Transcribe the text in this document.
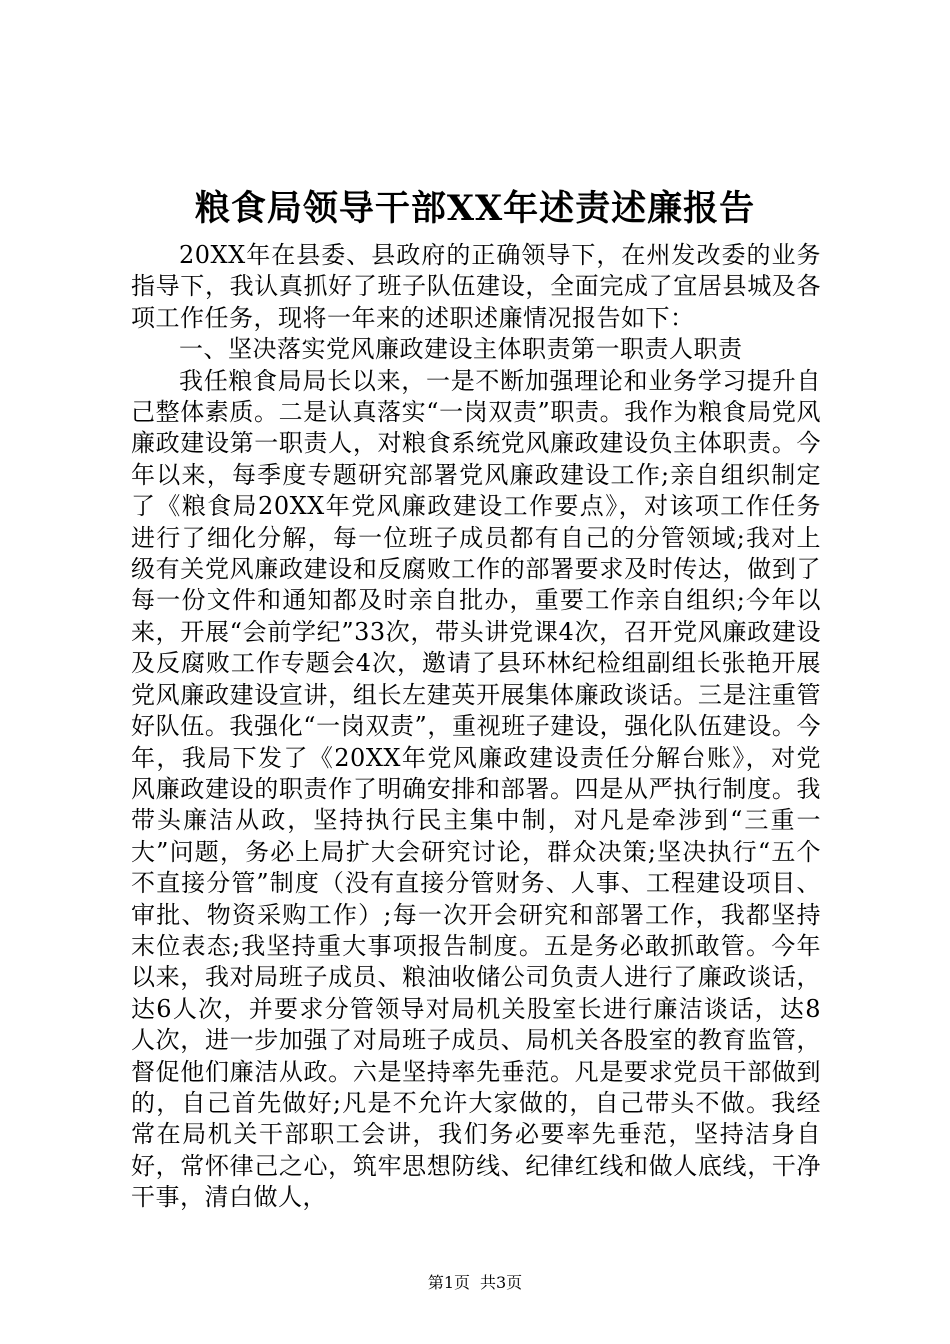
粮食局领导干部XX年述责述廉报告

20XX年在县委、县政府的正确领导下，在州发改委的业务指导下，我认真抓好了班子队伍建设，全面完成了宜居县城及各项工作任务，现将一年来的述职述廉情况报告如下：

一、坚决落实党风廉政建设主体职责第一职责人职责

我任粮食局局长以来，一是不断加强理论和业务学习提升自己整体素质。二是认真落实“一岗双责”职责。我作为粮食局党风廉政建设第一职责人，对粮食系统党风廉政建设负主体职责。今年以来，每季度专题研究部署党风廉政建设工作;亲自组织制定了《粮食局20XX年党风廉政建设工作要点》，对该项工作任务进行了细化分解，每一位班子成员都有自己的分管领域;我对上级有关党风廉政建设和反腐败工作的部署要求及时传达，做到了每一份文件和通知都及时亲自批办，重要工作亲自组织;今年以来，开展“会前学纪”33次，带头讲党课4次，召开党风廉政建设及反腐败工作专题会4次，邀请了县环林纪检组副组长张艳开展党风廉政建设宣讲，组长左建英开展集体廉政谈话。三是注重管好队伍。我强化“一岗双责”，重视班子建设，强化队伍建设。今年，我局下发了《20XX年党风廉政建设责任分解台账》，对党风廉政建设的职责作了明确安排和部署。四是从严执行制度。我带头廉洁从政，坚持执行民主集中制，对凡是牵涉到“三重一大”问题，务必上局扩大会研究讨论，群众决策;坚决执行“五个不直接分管”制度（没有直接分管财务、人事、工程建设项目、审批、物资采购工作）;每一次开会研究和部署工作，我都坚持末位表态;我坚持重大事项报告制度。五是务必敢抓敢管。今年以来，我对局班子成员、粮油收储公司负责人进行了廉政谈话，达6人次，并要求分管领导对局机关股室长进行廉洁谈话，达8人次，进一步加强了对局班子成员、局机关各股室的教育监管，督促他们廉洁从政。六是坚持率先垂范。凡是要求党员干部做到的，自己首先做好;凡是不允许大家做的，自己带头不做。我经常在局机关干部职工会讲，我们务必要率先垂范，坚持洁身自好，常怀律己之心，筑牢思想防线、纪律红线和做人底线，干净干事，清白做人，

第1页 共3页
